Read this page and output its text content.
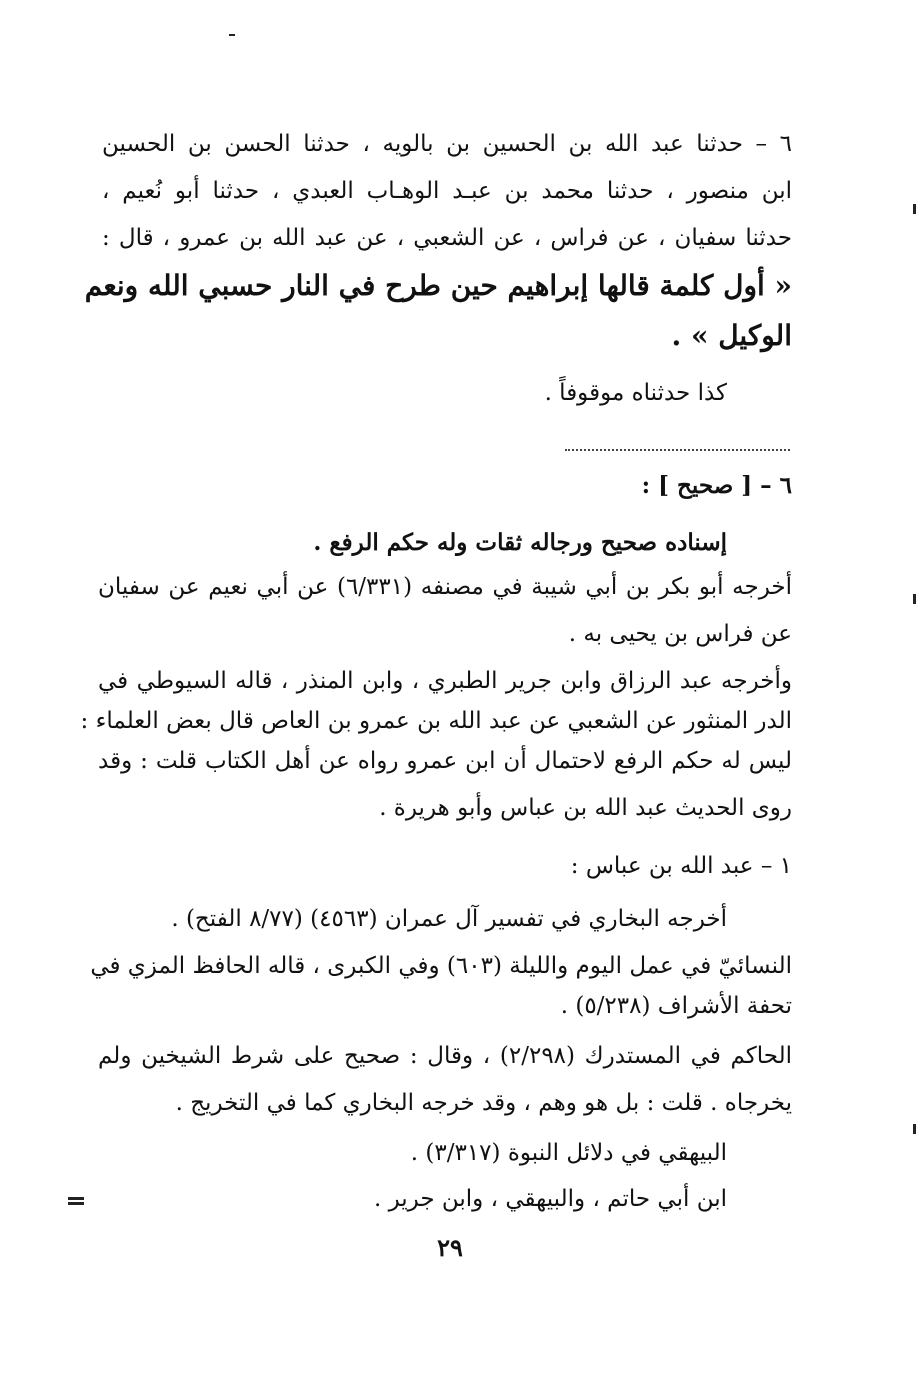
٦ – حدثنا عبد الله بن الحسين بن بالويه ، حدثنا الحسن بن الحسين
ابن منصور ، حدثنا محمد بن عبـد الوهـاب العبدي ، حدثنا أبو نُعيم ،
حدثنا سفيان ، عن فراس ، عن الشعبي ، عن عبد الله بن عمرو ، قال :
« أول كلمة قالها إبراهيم حين طرح في النار حسبي الله ونعم
الوكيل » .
كذا حدثناه موقوفاً .
٦ – [ صحيح ] :
إسناده صحيح ورجاله ثقات وله حكم الرفع .
أخرجه أبو بكر بن أبي شيبة في مصنفه (٦/٣٣١) عن أبي نعيم عن سفيان
عن فراس بن يحيى به .
وأخرجه عبد الرزاق وابن جرير الطبري ، وابن المنذر ، قاله السيوطي في
الدر المنثور عن الشعبي عن عبد الله بن عمرو بن العاص قال بعض العلماء :
ليس له حكم الرفع لاحتمال أن ابن عمرو رواه عن أهل الكتاب قلت : وقد
روى الحديث عبد الله بن عباس وأبو هريرة .
١ – عبد الله بن عباس :
أخرجه البخاري في تفسير آل عمران (٤٥٦٣) (٨/٧٧ الفتح) .
النسائيّ في عمل اليوم والليلة (٦٠٣) وفي الكبرى ، قاله الحافظ المزي في
تحفة الأشراف (٥/٢٣٨) .
الحاكم في المستدرك (٢/٢٩٨) ، وقال : صحيح على شرط الشيخين ولم
يخرجاه . قلت : بل هو وهم ، وقد خرجه البخاري كما في التخريج .
البيهقي في دلائل النبوة (٣/٣١٧) .
ابن أبي حاتم ، والبيهقي ، وابن جرير .
٢٩
